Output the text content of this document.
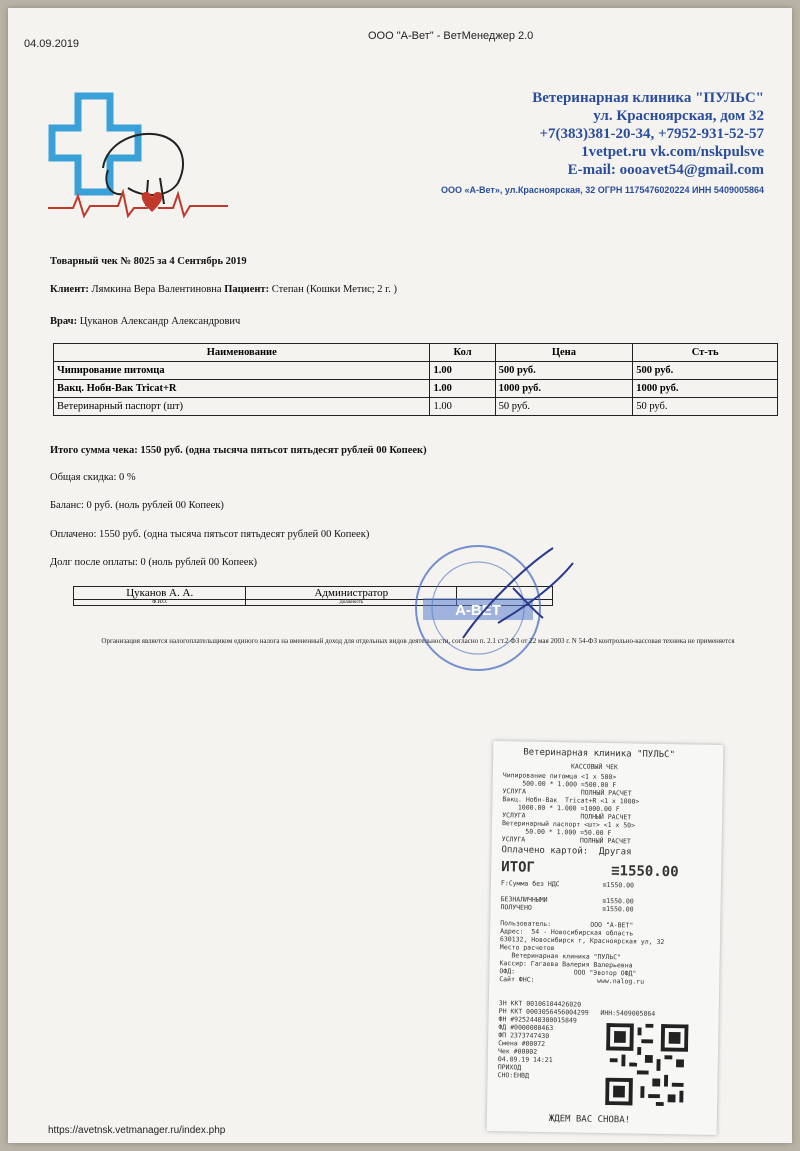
04.09.2019
ООО "А-Вет" - ВетМенеджер 2.0
Ветеринарная клиника "ПУЛЬС"
ул. Красноярская, дом 32
+7(383)381-20-34, +7952-931-52-57
1vetpet.ru vk.com/nskpulsve
E-mail: oooavet54@gmail.com
ООО «А-Вет», ул.Красноярская, 32 ОГРН 1175476020224 ИНН 5409005864
Товарный чек № 8025 за 4 Сентябрь 2019
Клиент: Лямкина Вера Валентиновна Пациент: Степан (Кошки Метис; 2 г. )
Врач: Цуканов Александр Александрович
Наименование	Кол	Цена	Ст-ть
Чипирование питомца	1.00	500 руб.	500 руб.
Вакц. Нобн-Вак Tricat+R	1.00	1000 руб.	1000 руб.
Ветеринарный паспорт (шт)	1.00	50 руб.	50 руб.
Итого сумма чека: 1550 руб. (одна тысяча пятьсот пятьдесят рублей 00 Копеек)
Общая скидка: 0 %
Баланс: 0 руб. (ноль рублей 00 Копеек)
Оплачено: 1550 руб. (одна тысяча пятьсот пятьдесят рублей 00 Копеек)
Долг после оплаты: 0 (ноль рублей 00 Копеек)
Цуканов А. А.	Администратор	
Ф.И.О.	Должность		А-ВЕТ
Организация является налогоплательщиком единого налога на вмененный доход для отдельных видов деятельности, согласно п. 2.1 ст.2 ФЗ от 22 мая 2003 г. N 54-ФЗ контрольно-кассовая техника не применяется
https://avetnsk.vetmanager.ru/index.php
Ветеринарная клиника "ПУЛЬС"
КАССОВЫЙ ЧЕК
Чипирование питомца <1 x 500>
500.00 * 1.000 =500.00 F
УСЛУГА              ПОЛНЫЙ РАСЧЕТ
Вакц. Нобн-Вак  Tricat+R <1 x 1000>
1000.00 * 1.000 =1000.00 F
УСЛУГА              ПОЛНЫЙ РАСЧЕТ
Ветеринарный паспорт <шт> <1 x 50>
50.00 * 1.000 =50.00 F
УСЛУГА              ПОЛНЫЙ РАСЧЕТ
Оплачено картой:  Другая
ИТОГ	≡1550.00
F:Сумма без НДС           ≡1550.00

БЕЗНАЛИЧНЫМИ              ≡1550.00
ПОЛУЧЕНО                  ≡1550.00

Пользователь:          ООО "А-ВЕТ"
Адрес:  54 - Новосибирская область
630132, Новосибирск г, Красноярская ул, 32
Место расчетов
Ветеринарная клиника "ПУЛЬС"
Кассир: Гагаева Валерия Валерьевна
ОФД:               ООО "Эвотор ОФД"
Сайт ФНС:                www.nalog.ru
ЗН ККТ 00106104426020
РН ККТ 0003056456004299   ИНН:5409005864
ФН #9252440300015849
ФД #0000000463
ФП 2373747430
Смена #00072
Чек #00002
04.09.19 14:21
ПРИХОД
СНО:ЕНВД
ЖДЕМ ВАС СНОВА!
